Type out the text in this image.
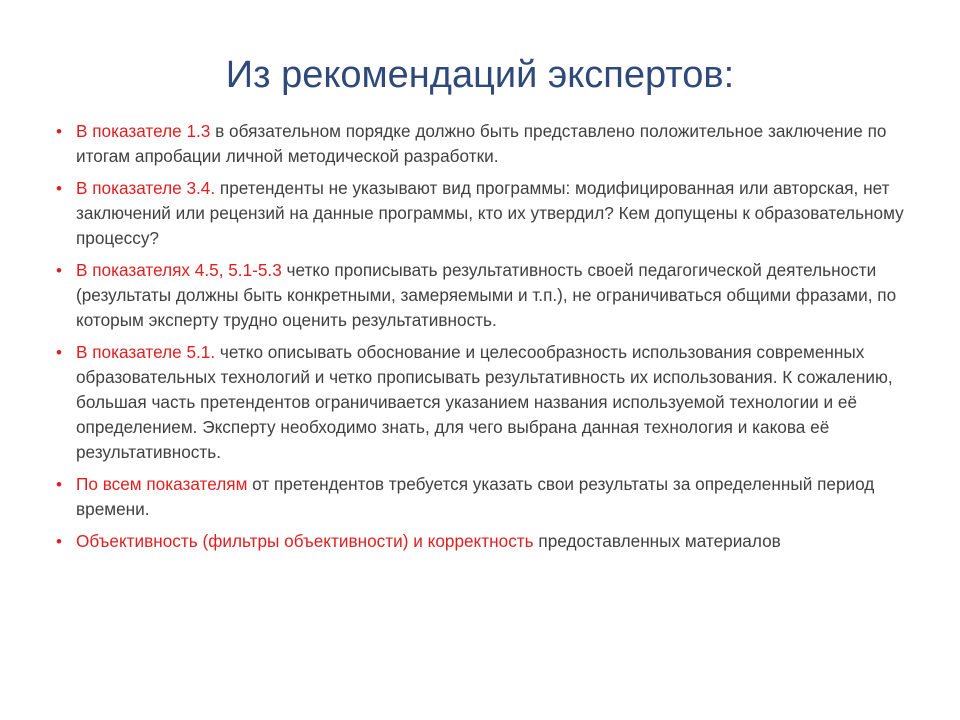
Из рекомендаций экспертов:
• В показателе 1.3 в обязательном порядке должно быть представлено положительное заключение по итогам апробации личной методической разработки.
• В показателе 3.4. претенденты не указывают вид программы: модифицированная или авторская, нет заключений или рецензий на данные программы, кто их утвердил? Кем допущены к образовательному процессу?
• В показателях 4.5, 5.1-5.3 четко прописывать результативность своей педагогической деятельности (результаты должны быть конкретными, замеряемыми и т.п.), не ограничиваться общими фразами, по которым эксперту трудно оценить результативность.
• В показателе 5.1. четко описывать обоснование и целесообразность использования современных образовательных технологий и четко прописывать результативность их использования. К сожалению, большая часть претендентов ограничивается указанием названия используемой технологии и её определением. Эксперту необходимо знать, для чего выбрана данная технология и какова её результативность.
• По всем показателям от претендентов требуется указать свои результаты за определенный период времени.
• Объективность (фильтры объективности) и корректность предоставленных материалов
